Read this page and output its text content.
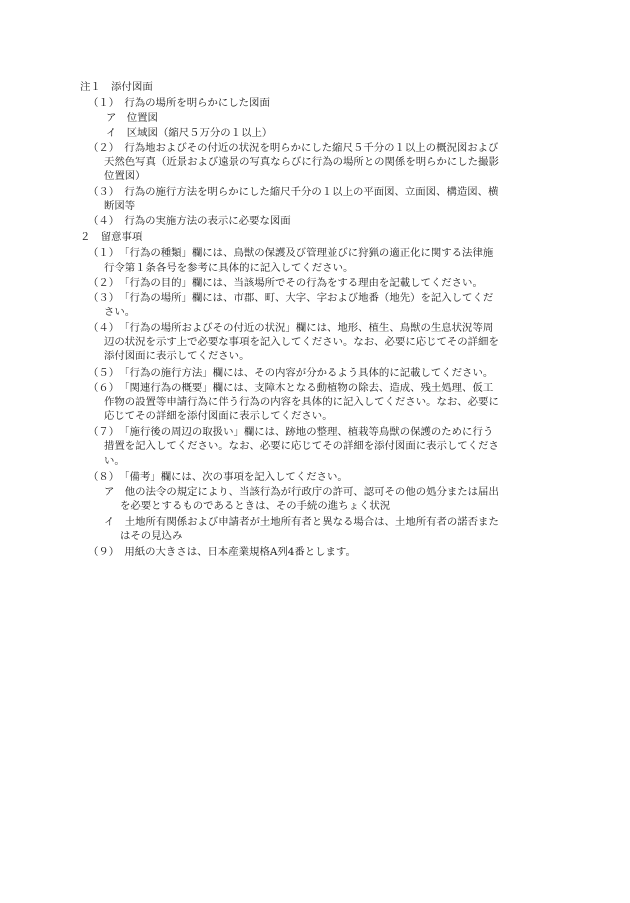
注１　添付図面
（１）　行為の場所を明らかにした図面
ア　位置図
イ　区域図（縮尺５万分の１以上）
（２）　行為地およびその付近の状況を明らかにした縮尺５千分の１以上の概況図および
天然色写真（近景および遠景の写真ならびに行為の場所との関係を明らかにした撮影
位置図）
（３）　行為の施行方法を明らかにした縮尺千分の１以上の平面図、立面図、構造図、横
断図等
（４）　行為の実施方法の表示に必要な図面
２　留意事項
（１）　「行為の種類」欄には、鳥獣の保護及び管理並びに狩猟の適正化に関する法律施
行令第１条各号を参考に具体的に記入してください。
（２）　「行為の目的」欄には、当該場所でその行為をする理由を記載してください。
（３）　「行為の場所」欄には、市郡、町、大字、字および地番（地先）を記入してくだ
さい。
（４）　「行為の場所およびその付近の状況」欄には、地形、植生、鳥獣の生息状況等周
辺の状況を示す上で必要な事項を記入してください。なお、必要に応じてその詳細を
添付図面に表示してください。
（５）　「行為の施行方法」欄には、その内容が分かるよう具体的に記載してください。
（６）　「関連行為の概要」欄には、支障木となる動植物の除去、造成、残土処理、仮工
作物の設置等申請行為に伴う行為の内容を具体的に記入してください。なお、必要に
応じてその詳細を添付図面に表示してください。
（７）　「施行後の周辺の取扱い」欄には、跡地の整理、植栽等鳥獣の保護のために行う
措置を記入してください。なお、必要に応じてその詳細を添付図面に表示してくださ
い。
（８）　「備考」欄には、次の事項を記入してください。
ア　他の法令の規定により、当該行為が行政庁の許可、認可その他の処分または届出
を必要とするものであるときは、その手続の進ちょく状況
イ　土地所有関係および申請者が土地所有者と異なる場合は、土地所有者の諾否また
はその見込み
（９）　用紙の大きさは、日本産業規格A列4番とします。
